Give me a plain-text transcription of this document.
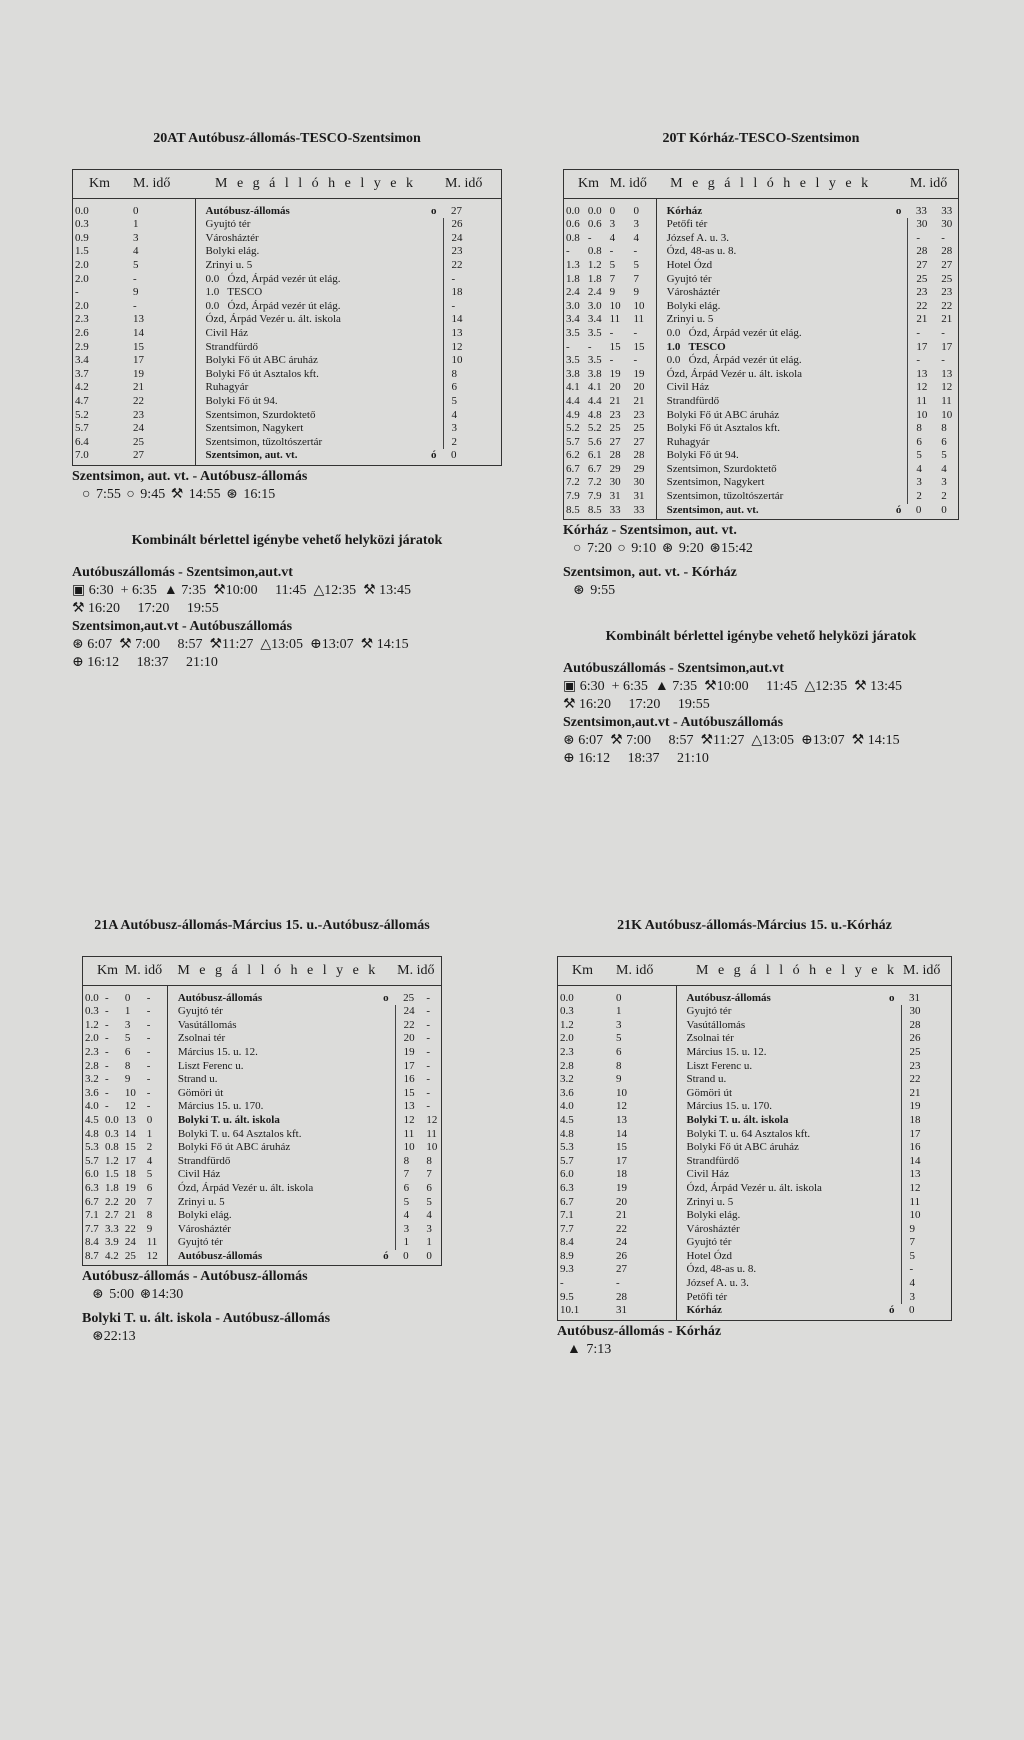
20AT Autóbusz-állomás-TESCO-Szentsimon
Km	M. idő	M e g á l l ó h e l y e k		M. idő
0.0	0	Autóbusz-állomás	o	27
0.3	1	Gyujtó tér		26
0.9	3	Városháztér		24
1.5	4	Bolyki elág.		23
2.0	5	Zrinyi u. 5		22
2.0	-	0.0   Ózd, Árpád vezér út elág.		-
-	9	1.0   TESCO		18
2.0	-	0.0   Ózd, Árpád vezér út elág.		-
2.3	13	Ózd, Árpád Vezér u. ált. iskola		14
2.6	14	Civil Ház		13
2.9	15	Strandfürdő		12
3.4	17	Bolyki Fő út ABC áruház		10
3.7	19	Bolyki Fő út Asztalos kft.		8
4.2	21	Ruhagyár		6
4.7	22	Bolyki Fő út 94.		5
5.2	23	Szentsimon, Szurdoktető		4
5.7	24	Szentsimon, Nagykert		3
6.4	25	Szentsimon, tűzoltószertár		2
7.0	27	Szentsimon, aut. vt.	ó	0
Szentsimon, aut. vt. - Autóbusz-állomás
○ 7:55 ○ 9:45 ⚒ 14:55 ⊛ 16:15
Kombinált bérlettel igénybe vehető helyközi járatok
Autóbuszállomás - Szentsimon,aut.vt
▣ 6:30  + 6:35  ▲ 7:35  ⚒10:00     11:45  △12:35  ⚒ 13:45
⚒ 16:20     17:20     19:55
Szentsimon,aut.vt - Autóbuszállomás
⊛ 6:07  ⚒ 7:00     8:57  ⚒11:27  △13:05  ⊕13:07  ⚒ 14:15
⊕ 16:12     18:37     21:10
20T Kórház-TESCO-Szentsimon
Km		M. idő		M e g á l l ó h e l y e k		M. idő	
0.0	0.0	0	0	Kórház	o	33	33
0.6	0.6	3	3	Petőfi tér		30	30
0.8	-	4	4	József A. u. 3.		-	-
-	0.8	-	-	Ózd, 48-as u. 8.		28	28
1.3	1.2	5	5	Hotel Ózd		27	27
1.8	1.8	7	7	Gyujtó tér		25	25
2.4	2.4	9	9	Városháztér		23	23
3.0	3.0	10	10	Bolyki elág.		22	22
3.4	3.4	11	11	Zrinyi u. 5		21	21
3.5	3.5	-	-	0.0   Ózd, Árpád vezér út elág.		-	-
-	-	15	15	1.0   TESCO		17	17
3.5	3.5	-	-	0.0   Ózd, Árpád vezér út elág.		-	-
3.8	3.8	19	19	Ózd, Árpád Vezér u. ált. iskola		13	13
4.1	4.1	20	20	Civil Ház		12	12
4.4	4.4	21	21	Strandfürdő		11	11
4.9	4.8	23	23	Bolyki Fő út ABC áruház		10	10
5.2	5.2	25	25	Bolyki Fő út Asztalos kft.		8	8
5.7	5.6	27	27	Ruhagyár		6	6
6.2	6.1	28	28	Bolyki Fő út 94.		5	5
6.7	6.7	29	29	Szentsimon, Szurdoktető		4	4
7.2	7.2	30	30	Szentsimon, Nagykert		3	3
7.9	7.9	31	31	Szentsimon, tűzoltószertár		2	2
8.5	8.5	33	33	Szentsimon, aut. vt.	ó	0	0
Kórház - Szentsimon, aut. vt.
○ 7:20 ○ 9:10 ⊛ 9:20 ⊛15:42
Szentsimon, aut. vt. - Kórház
⊛ 9:55
Kombinált bérlettel igénybe vehető helyközi járatok
Autóbuszállomás - Szentsimon,aut.vt
▣ 6:30  + 6:35  ▲ 7:35  ⚒10:00     11:45  △12:35  ⚒ 13:45
⚒ 16:20     17:20     19:55
Szentsimon,aut.vt - Autóbuszállomás
⊛ 6:07  ⚒ 7:00     8:57  ⚒11:27  △13:05  ⊕13:07  ⚒ 14:15
⊕ 16:12     18:37     21:10
21A Autóbusz-állomás-Március 15. u.-Autóbusz-állomás
Km		M. idő		M e g á l l ó h e l y e k		M. idő	
0.0	-	0	-	Autóbusz-állomás	o	25	-
0.3	-	1	-	Gyujtó tér		24	-
1.2	-	3	-	Vasútállomás		22	-
2.0	-	5	-	Zsolnai tér		20	-
2.3	-	6	-	Március 15. u. 12.		19	-
2.8	-	8	-	Liszt Ferenc u.		17	-
3.2	-	9	-	Strand u.		16	-
3.6	-	10	-	Gömöri út		15	-
4.0	-	12	-	Március 15. u. 170.		13	-
4.5	0.0	13	0	Bolyki T. u. ált. iskola		12	12
4.8	0.3	14	1	Bolyki T. u. 64 Asztalos kft.		11	11
5.3	0.8	15	2	Bolyki Fő út ABC áruház		10	10
5.7	1.2	17	4	Strandfürdő		8	8
6.0	1.5	18	5	Civil Ház		7	7
6.3	1.8	19	6	Ózd, Árpád Vezér u. ált. iskola		6	6
6.7	2.2	20	7	Zrinyi u. 5		5	5
7.1	2.7	21	8	Bolyki elág.		4	4
7.7	3.3	22	9	Városháztér		3	3
8.4	3.9	24	11	Gyujtó tér		1	1
8.7	4.2	25	12	Autóbusz-állomás	ó	0	0
Autóbusz-állomás - Autóbusz-állomás
⊛ 5:00 ⊛14:30
Bolyki T. u. ált. iskola - Autóbusz-állomás
⊛22:13
21K Autóbusz-állomás-Március 15. u.-Kórház
Km	M. idő	M e g á l l ó h e l y e k		M. idő
0.0	0	Autóbusz-állomás	o	31
0.3	1	Gyujtó tér		30
1.2	3	Vasútállomás		28
2.0	5	Zsolnai tér		26
2.3	6	Március 15. u. 12.		25
2.8	8	Liszt Ferenc u.		23
3.2	9	Strand u.		22
3.6	10	Gömöri út		21
4.0	12	Március 15. u. 170.		19
4.5	13	Bolyki T. u. ált. iskola		18
4.8	14	Bolyki T. u. 64 Asztalos kft.		17
5.3	15	Bolyki Fő út ABC áruház		16
5.7	17	Strandfürdő		14
6.0	18	Civil Ház		13
6.3	19	Ózd, Árpád Vezér u. ált. iskola		12
6.7	20	Zrinyi u. 5		11
7.1	21	Bolyki elág.		10
7.7	22	Városháztér		9
8.4	24	Gyujtó tér		7
8.9	26	Hotel Ózd		5
9.3	27	Ózd, 48-as u. 8.		-
-	-	József A. u. 3.		4
9.5	28	Petőfi tér		3
10.1	31	Kórház	ó	0
Autóbusz-állomás - Kórház
▲ 7:13
